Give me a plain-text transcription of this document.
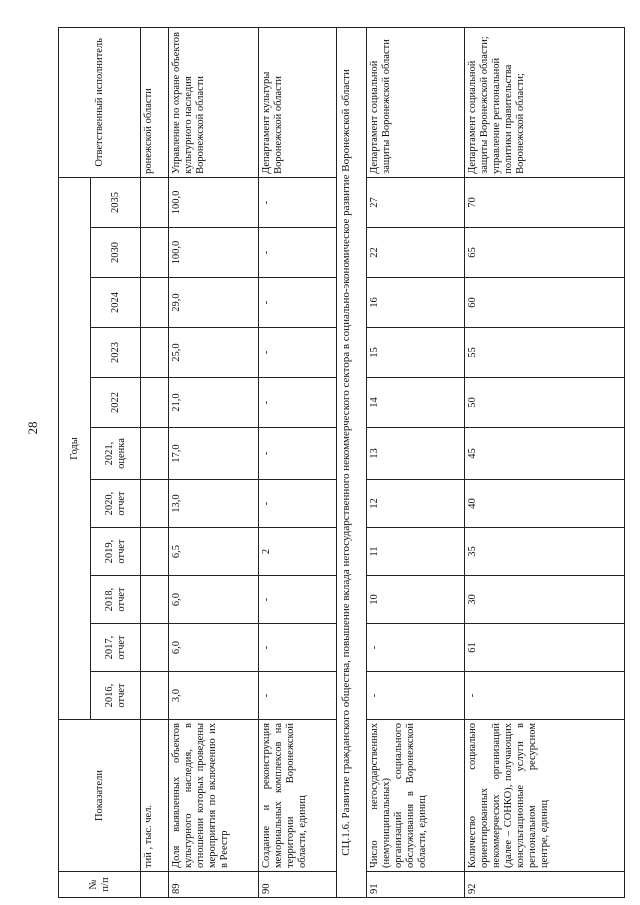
28
№ п/п	Показатели	Годы											Ответственный исполнитель
		2016, отчет	2017, отчет	2018, отчет	2019, отчет	2020, отчет	2021, оценка	2022	2023	2024	2030	2035	
	тий , тыс. чел.												ронежской области
89	Доля выявленных объектов культурного наследия, в отношении которых проведены мероприятия по включению их в Реестр	3,0	6,0	6,0	6,5	13,0	17,0	21,0	25,0	29,0	100,0	100,0	Управление по охране объектов культурного наследия Воронежской области
90	Создание и реконструкция мемориальных комплексов на территории Воронежской области, единиц	-	-	-	2	-	-	-	-	-	-	-	Департамент культуры Воронежской области
СЦ.1.6. Развитие гражданского общества, повышение вклада негосударственного некоммерческого сектора в социально-экономическое развитие Воронежской области													
91	Число негосударственных (немуниципальных) организаций социального обслуживания в Воронежской области, единиц	-	-	10	11	12	13	14	15	16	22	27	Департамент социальной защиты Воронежской области
92	Количество социально ориентированных некоммерческих организаций (далее – СОНКО), получающих консультационные услуги в региональном ресурсном центре, единиц	-	61	30	35	40	45	50	55	60	65	70	Департамент социальной защиты Воронежской области; управление региональной политики правительства Воронежской области;
